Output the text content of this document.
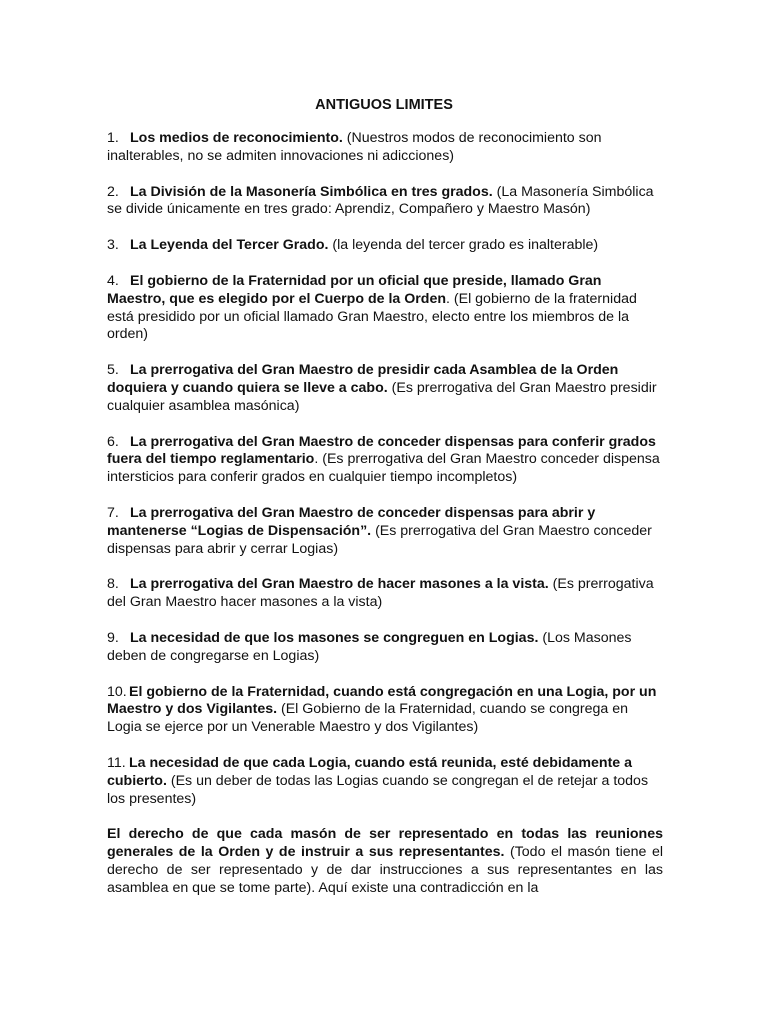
ANTIGUOS LIMITES

1. Los medios de reconocimiento. (Nuestros modos de reconocimiento son inalterables, no se admiten innovaciones ni adicciones)

2. La División de la Masonería Simbólica en tres grados. (La Masonería Simbólica se divide únicamente en tres grado: Aprendiz, Compañero y Maestro Masón)

3. La Leyenda del Tercer Grado. (la leyenda del tercer grado es inalterable)

4. El gobierno de la Fraternidad por un oficial que preside, llamado Gran Maestro, que es elegido por el Cuerpo de la Orden. (El gobierno de la fraternidad está presidido por un oficial llamado Gran Maestro, electo entre los miembros de la orden)

5. La prerrogativa del Gran Maestro de presidir cada Asamblea de la Orden doquiera y cuando quiera se lleve a cabo. (Es prerrogativa del Gran Maestro presidir cualquier asamblea masónica)

6. La prerrogativa del Gran Maestro de conceder dispensas para conferir grados fuera del tiempo reglamentario. (Es prerrogativa del Gran Maestro conceder dispensa intersticios para conferir grados en cualquier tiempo incompletos)

7. La prerrogativa del Gran Maestro de conceder dispensas para abrir y mantenerse “Logias de Dispensación”. (Es prerrogativa del Gran Maestro conceder dispensas para abrir y cerrar Logias)

8. La prerrogativa del Gran Maestro de hacer masones a la vista. (Es prerrogativa del Gran Maestro hacer masones a la vista)

9. La necesidad de que los masones se congreguen en Logias. (Los Masones deben de congregarse en Logias)

10. El gobierno de la Fraternidad, cuando está congregación en una Logia, por un Maestro y dos Vigilantes. (El Gobierno de la Fraternidad, cuando se congrega en Logia se ejerce por un Venerable Maestro y dos Vigilantes)

11. La necesidad de que cada Logia, cuando está reunida, esté debidamente a cubierto. (Es un deber de todas las Logias cuando se congregan el de retejar a todos los presentes)

El derecho de que cada masón de ser representado en todas las reuniones generales de la Orden y de instruir a sus representantes. (Todo el masón tiene el derecho de ser representado y de dar instrucciones a sus representantes en las asamblea en que se tome parte). Aquí existe una contradicción en la
